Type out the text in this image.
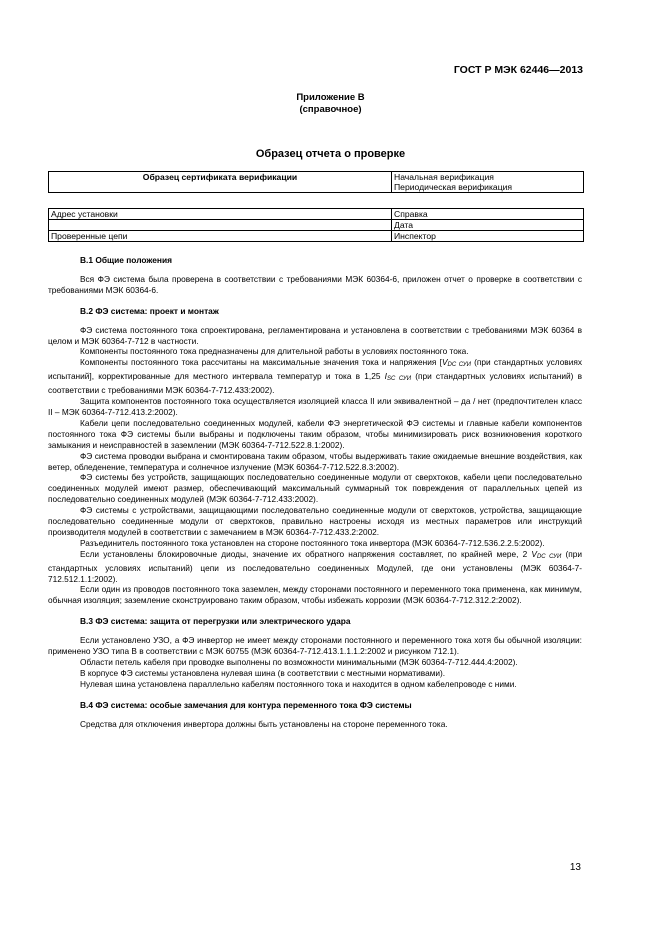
ГОСТ Р МЭК 62446—2013
Приложение В
(справочное)
Образец отчета о проверке
Образец сертификата верификации	Начальная верификация
Периодическая верификация
Адрес установки	Справка
	Дата
Проверенные цепи	Инспектор
В.1 Общие положения

Вся ФЭ система была проверена в соответствии с требованиями МЭК 60364-6, приложен отчет о проверке в соответствии с требованиями МЭК 60364-6.

В.2 ФЭ система: проект и монтаж

ФЭ система постоянного тока спроектирована, регламентирована и установлена в соответствии с требованиями МЭК 60364 в целом и МЭК 60364-7-712 в частности.

Компоненты постоянного тока предназначены для длительной работы в условиях постоянного тока.

Компоненты постоянного тока рассчитаны на максимальные значения тока и напряжения [$V_{DC СУИ}$ (при стандартных условиях испытаний], корректированные для местного интервала температур и тока в 1,25 $I_{SC СУИ}$ (при стандартных условиях испытаний) в соответствии с требованиями МЭК 60364-7-712.433:2002).

Защита компонентов постоянного тока осуществляется изоляцией класса II или эквивалентной – да / нет (предпочтителен класс II – МЭК 60364-7-712.413.2:2002).

Кабели цепи последовательно соединенных модулей, кабели ФЭ энергетической ФЭ системы и главные кабели компонентов постоянного тока ФЭ системы были выбраны и подключены таким образом, чтобы минимизировать риск возникновения короткого замыкания и неисправностей в заземлении (МЭК 60364-7-712.522.8.1:2002).

ФЭ система проводки выбрана и смонтирована таким образом, чтобы выдерживать такие ожидаемые внешние воздействия, как ветер, обледенение, температура и солнечное излучение (МЭК 60364-7-712.522.8.3:2002).

ФЭ системы без устройств, защищающих последовательно соединенные модули от сверхтоков, кабели цепи последовательно соединенных модулей имеют размер, обеспечивающий максимальный суммарный ток повреждения от параллельных цепей из последовательно соединенных модулей (МЭК 60364-7-712.433:2002).

ФЭ системы с устройствами, защищающими последовательно соединенные модули от сверхтоков, устройства, защищающие последовательно соединенные модули от сверхтоков, правильно настроены исходя из местных параметров или инструкций производителя модулей в соответствии с замечанием в МЭК 60364-7-712.433.2:2002.

Разъединитель постоянного тока установлен на стороне постоянного тока инвертора (МЭК 60364-7-712.536.2.2.5:2002).

Если установлены блокировочные диоды, значение их обратного напряжения составляет, по крайней мере, 2 $V_{DC СУИ}$ (при стандартных условиях испытаний) цепи из последовательно соединенных Модулей, где они установлены (МЭК 60364-7-712.512.1.1:2002).

Если один из проводов постоянного тока заземлен, между сторонами постоянного и переменного тока применена, как минимум, обычная изоляция; заземление сконструировано таким образом, чтобы избежать коррозии (МЭК 60364-7-712.312.2:2002).

В.3 ФЭ система: защита от перегрузки или электрического удара

Если установлено УЗО, а ФЭ инвертор не имеет между сторонами постоянного и переменного тока хотя бы обычной изоляции: применено УЗО типа В в соответствии с МЭК 60755 (МЭК 60364-7-712.413.1.1.1.2:2002 и рисунком 712.1).

Области петель кабеля при проводке выполнены по возможности минимальными (МЭК 60364-7-712.444.4:2002).

В корпусе ФЭ системы установлена нулевая шина (в соответствии с местными нормативами).

Нулевая шина установлена параллельно кабелям постоянного тока и находится в одном кабелепроводе с ними.

В.4 ФЭ система: особые замечания для контура переменного тока ФЭ системы

Средства для отключения инвертора должны быть установлены на стороне переменного тока.

13
